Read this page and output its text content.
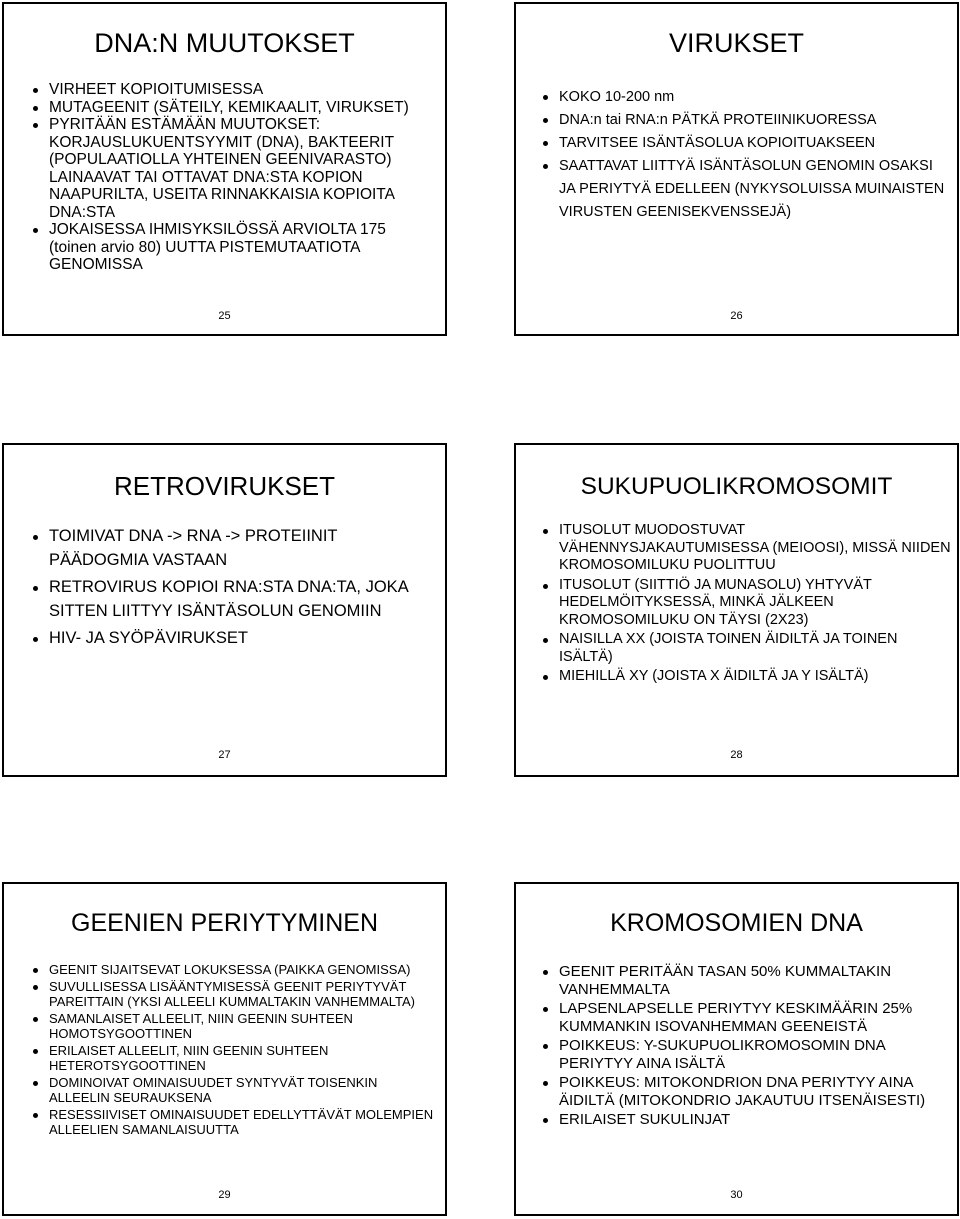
DNA:N MUUTOKSET
VIRHEET KOPIOITUMISESSA
MUTAGEENIT (SÄTEILY, KEMIKAALIT, VIRUKSET)
PYRITÄÄN ESTÄMÄÄN MUUTOKSET: KORJAUSLUKUENTSYYMIT (DNA), BAKTEERIT (POPULAATIOLLA YHTEINEN GEENIVARASTO) LAINAAVAT TAI OTTAVAT DNA:STA KOPION NAAPURILTA, USEITA RINNAKKAISIA KOPIOITA DNA:STA
JOKAISESSA IHMISYKSILÖSSÄ ARVIOLTA 175 (toinen arvio 80) UUTTA PISTEMUTAATIOTA GENOMISSA
25
VIRUKSET
KOKO 10-200 nm
DNA:n tai RNA:n PÄTKÄ PROTEIINIKUORESSA
TARVITSEE ISÄNTÄSOLUA KOPIOITUAKSEEN
SAATTAVAT LIITTYÄ ISÄNTÄSOLUN GENOMIN OSAKSI JA PERIYTYÄ EDELLEEN (NYKYSOLUISSA MUINAISTEN VIRUSTEN GEENISEKVENSSEJÄ)
26
RETROVIRUKSET
TOIMIVAT DNA -> RNA -> PROTEIINIT PÄÄDOGMIA VASTAAN
RETROVIRUS KOPIOI RNA:STA DNA:TA, JOKA SITTEN LIITTYY ISÄNTÄSOLUN GENOMIIN
HIV- JA SYÖPÄVIRUKSET
27
SUKUPUOLIKROMOSOMIT
ITUSOLUT MUODOSTUVAT VÄHENNYSJAKAUTUMISESSA (MEIOOSI), MISSÄ NIIDEN KROMOSOMILUKU PUOLITTUU
ITUSOLUT (SIITTIÖ JA MUNASOLU) YHTYVÄT HEDELMÖITYKSESSÄ, MINKÄ JÄLKEEN KROMOSOMILUKU ON TÄYSI (2X23)
NAISILLA XX (JOISTA TOINEN ÄIDILTÄ JA TOINEN ISÄLTÄ)
MIEHILLÄ XY (JOISTA X ÄIDILTÄ JA Y ISÄLTÄ)
28
GEENIEN PERIYTYMINEN
GEENIT SIJAITSEVAT LOKUKSESSA (PAIKKA GENOMISSA)
SUVULLISESSA LISÄÄNTYMISESSÄ GEENIT PERIYTYVÄT PAREITTAIN (YKSI ALLEELI KUMMALTAKIN VANHEMMALTA)
SAMANLAISET ALLEELIT, NIIN GEENIN SUHTEEN HOMOTSYGOOTTINEN
ERILAISET ALLEELIT, NIIN GEENIN SUHTEEN HETEROTSYGOOTTINEN
DOMINOIVAT OMINAISUUDET SYNTYVÄT TOISENKIN ALLEELIN SEURAUKSENA
RESESSIIVISET OMINAISUUDET EDELLYTTÄVÄT MOLEMPIEN ALLEELIEN SAMANLAISUUTTA
29
KROMOSOMIEN DNA
GEENIT PERITÄÄN TASAN 50% KUMMALTAKIN VANHEMMALTA
LAPSENLAPSELLE PERIYTYY KESKIMÄÄRIN 25% KUMMANKIN ISOVANHEMMAN GEENEISTÄ
POIKKEUS: Y-SUKUPUOLIKROMOSOMIN DNA PERIYTYY AINA ISÄLTÄ
POIKKEUS: MITOKONDRION DNA PERIYTYY AINA ÄIDILTÄ (MITOKONDRIO JAKAUTUU ITSENÄISESTI)
ERILAISET SUKULINJAT
30
